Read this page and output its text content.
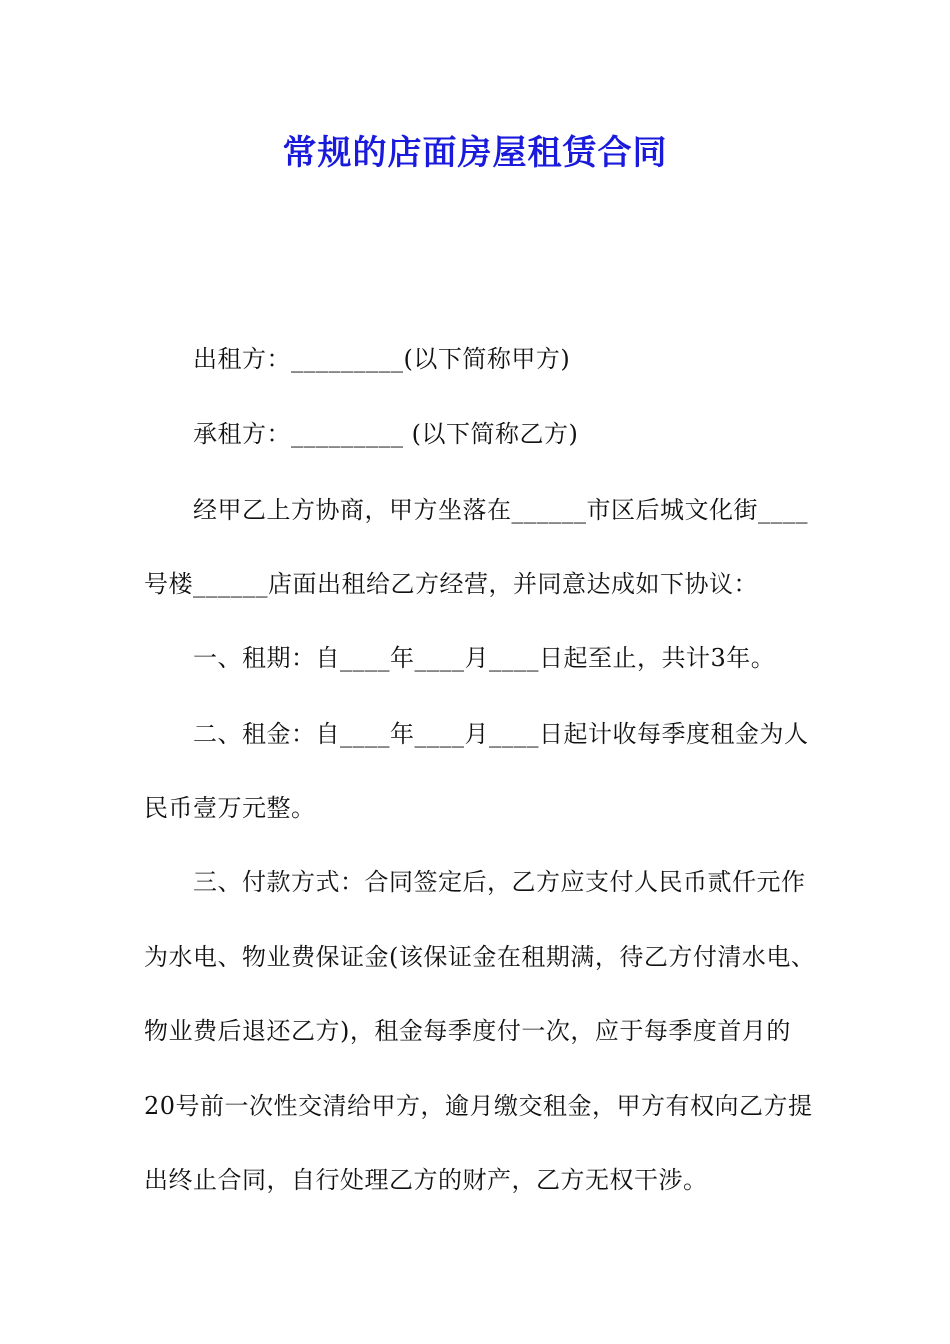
常规的店面房屋租赁合同
出租方：_________(以下简称甲方)
承租方：_________ (以下简称乙方)
经甲乙上方协商，甲方坐落在______市区后城文化街____
号楼______店面出租给乙方经营，并同意达成如下协议：
一、租期：自____年____月____日起至止，共计3年。
二、租金：自____年____月____日起计收每季度租金为人
民币壹万元整。
三、付款方式：合同签定后，乙方应支付人民币贰仟元作
为水电、物业费保证金(该保证金在租期满，待乙方付清水电、
物业费后退还乙方)，租金每季度付一次，应于每季度首月的
20号前一次性交清给甲方，逾月缴交租金，甲方有权向乙方提
出终止合同，自行处理乙方的财产，乙方无权干涉。
